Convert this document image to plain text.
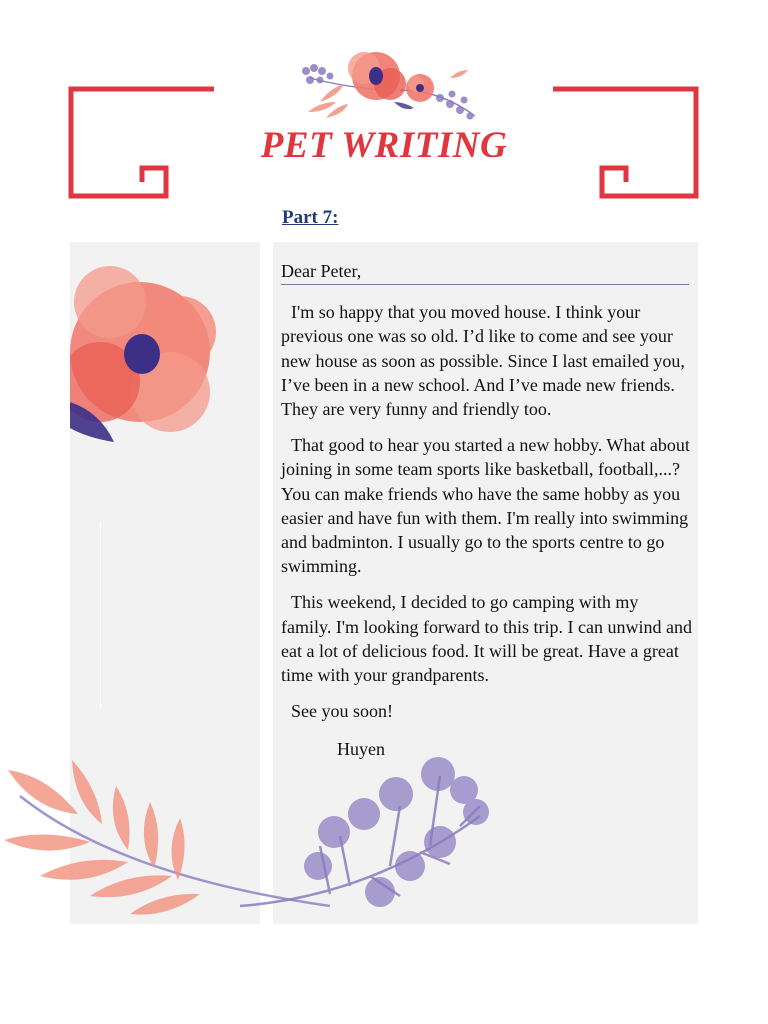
PET WRITING
Part 7:
Dear Peter,

I'm so happy that you moved house. I think your previous one was so old. I’d like to come and see your new house as soon as possible. Since I last emailed you, I’ve been in a new school. And I’ve made new friends. They are very funny and friendly too.

That good to hear you started a new hobby. What about joining in some team sports like basketball, football,...? You can make friends who have the same hobby as you easier and have fun with them. I'm really into swimming and badminton. I usually go to the sports centre to go swimming.

This weekend, I decided to go camping with my family. I'm looking forward to this trip. I can unwind and eat a lot of delicious food. It will be great. Have a great time with your grandparents.

See you soon!
Huyen
